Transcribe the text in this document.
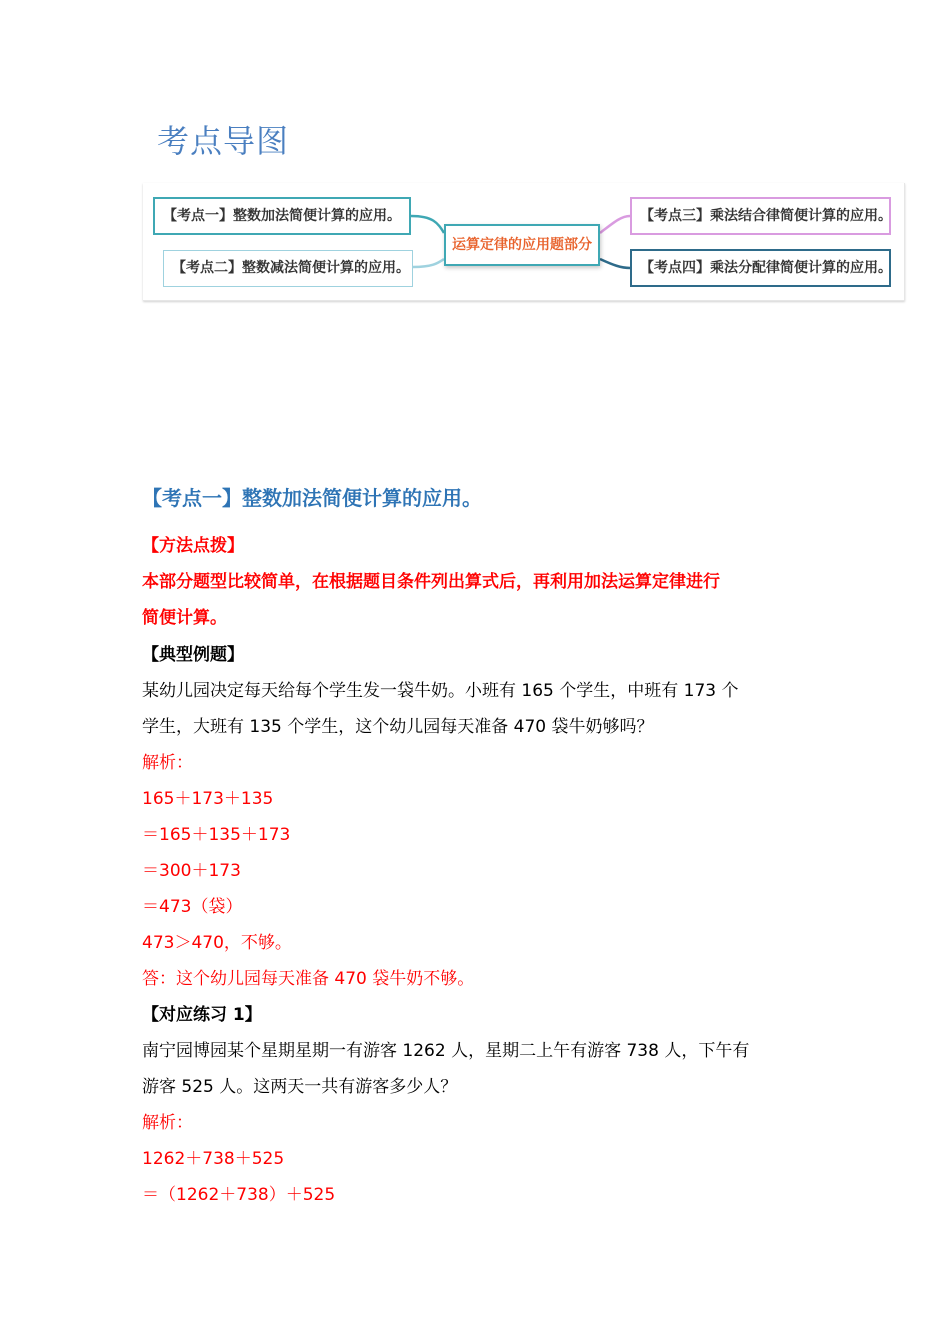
考点导图
【考点一】整数加法简便计算的应用。
【考点二】整数减法简便计算的应用。
【考点三】乘法结合律简便计算的应用。
【考点四】乘法分配律简便计算的应用。
运算定律的应用题部分
【考点一】整数加法简便计算的应用。
【方法点拨】
本部分题型比较简单，在根据题目条件列出算式后，再利用加法运算定律进行
简便计算。
【典型例题】
某幼儿园决定每天给每个学生发一袋牛奶。小班有 165 个学生，中班有 173 个
学生，大班有 135 个学生，这个幼儿园每天准备 470 袋牛奶够吗？
解析：
165＋173＋135
＝165＋135＋173
＝300＋173
＝473（袋）
473＞470，不够。
答：这个幼儿园每天准备 470 袋牛奶不够。
【对应练习 1】
南宁园博园某个星期星期一有游客 1262 人，星期二上午有游客 738 人，下午有
游客 525 人。这两天一共有游客多少人？
解析：
1262＋738＋525
＝（1262＋738）＋525
